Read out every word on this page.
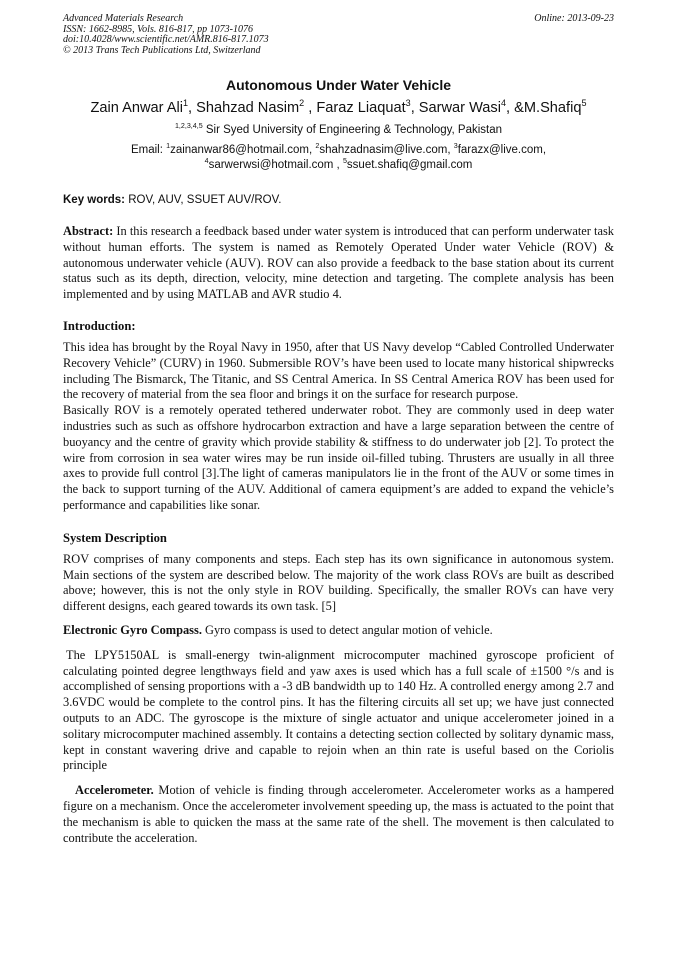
Advanced Materials Research	Online: 2013-09-23
ISSN: 1662-8985, Vols. 816-817, pp 1073-1076
doi:10.4028/www.scientific.net/AMR.816-817.1073
© 2013 Trans Tech Publications Ltd, Switzerland
Autonomous Under Water Vehicle
Zain Anwar Ali$^1$, Shahzad Nasim$^2$ , Faraz Liaquat$^3$, Sarwar Wasi$^4$, &M.Shafiq$^5$
$^{1,2,3,4,5}$ Sir Syed University of Engineering & Technology, Pakistan
Email: $^1$zainanwar86@hotmail.com, $^2$shahzadnasim@live.com, $^3$farazx@live.com,
$^4$sarwerwsi@hotmail.com , $^5$ssuet.shafiq@gmail.com
Key words: ROV, AUV, SSUET AUV/ROV.

Abstract: In this research a feedback based under water system is introduced that can perform underwater task without human efforts. The system is named as Remotely Operated Under water Vehicle (ROV) & autonomous underwater vehicle (AUV). ROV can also provide a feedback to the base station about its current status such as its depth, direction, velocity, mine detection and targeting. The complete analysis has been implemented and by using MATLAB and AVR studio 4.

Introduction:

This idea has brought by the Royal Navy in 1950, after that US Navy develop “Cabled Controlled Underwater Recovery Vehicle” (CURV) in 1960. Submersible ROV’s have been used to locate many historical shipwrecks including The Bismarck, The Titanic, and SS Central America. In SS Central America ROV has been used for the recovery of material from the sea floor and brings it on the surface for research purpose.

Basically ROV is a remotely operated tethered underwater robot. They are commonly used in deep water industries such as such as offshore hydrocarbon extraction and have a large separation between the centre of buoyancy and the centre of gravity which provide stability & stiffness to do underwater job [2]. To protect the wire from corrosion in sea water wires may be run inside oil-filled tubing. Thrusters are usually in all three axes to provide full control [3].The light of cameras manipulators lie in the front of the AUV or some times in the back to support turning of the AUV. Additional of camera equipment’s are added to expand the vehicle’s performance and capabilities like sonar.

System Description

ROV comprises of many components and steps. Each step has its own significance in autonomous system. Main sections of the system are described below. The majority of the work class ROVs are built as described above; however, this is not the only style in ROV building. Specifically, the smaller ROVs can have very different designs, each geared towards its own task. [5]

Electronic Gyro Compass. Gyro compass is used to detect angular motion of vehicle.

The LPY5150AL is small-energy twin-alignment microcomputer machined gyroscope proficient of calculating pointed degree lengthways field and yaw axes is used which has a full scale of ±1500 °/s and is accomplished of sensing proportions with a -3 dB bandwidth up to 140 Hz. A controlled energy among 2.7 and 3.6VDC would be complete to the control pins. It has the filtering circuits all set up; we have just connected outputs to an ADC. The gyroscope is the mixture of single actuator and unique accelerometer joined in a solitary microcomputer machined assembly. It contains a detecting section collected by solitary dynamic mass, kept in constant wavering drive and capable to rejoin when an thin rate is useful based on the Coriolis principle

Accelerometer. Motion of vehicle is finding through accelerometer. Accelerometer works as a hampered figure on a mechanism. Once the accelerometer involvement speeding up, the mass is actuated to the point that the mechanism is able to quicken the mass at the same rate of the shell. The movement is then calculated to contribute the acceleration.
